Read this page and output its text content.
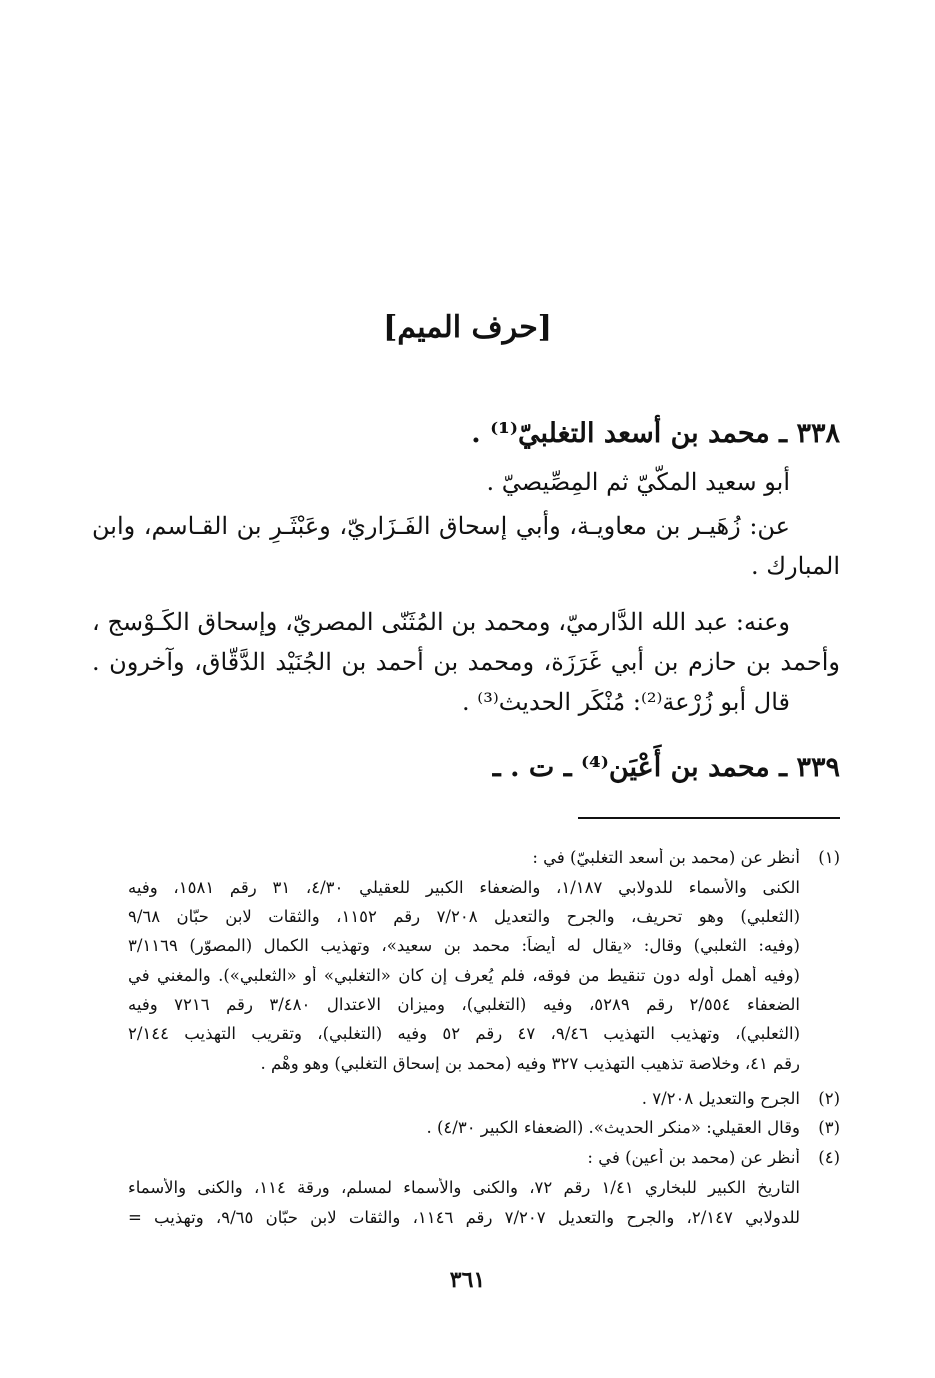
[حرف الميم]
٣٣٨ ـ محمد بن أسعد التغلبيّ⁽¹⁾ .
أبو سعيد المكّيّ ثم المِصِّيصيّ .
عن: زُهَيـر بن معاويـة، وأبي إسحاق الفَـزَاريّ، وعَبْثَـرِ بن القـاسم، وابن
المبارك .
وعنه: عبد الله الدَّارميّ، ومحمد بن المُثَنّى المصريّ، وإسحاق الكَـوْسج ،
وأحمد بن حازم بن أبي غَرَزَة، ومحمد بن أحمد بن الجُنَيْد الدَّقّاق، وآخرون .
قال أبو زُرْعة⁽²⁾: مُنْكَر الحديث⁽³⁾ .
٣٣٩ ـ محمد بن أَعْيَن⁽⁴⁾ ـ ت . ـ
(١)أنظر عن (محمد بن أسعد التغلبيّ) في :
الكنى والأسماء للدولابي ١/١٨٧، والضعفاء الكبير للعقيلي ٤/٣٠، ٣١ رقم ١٥٨١، وفيه
(الثعلبي) وهو تحريف، والجرح والتعديل ٧/٢٠٨ رقم ١١٥٢، والثقات لابن حبّان ٩/٦٨
(وفيه: الثعلبي) وقال: «يقال له أيضاً: محمد بن سعيد»، وتهذيب الكمال (المصوّر) ٣/١١٦٩
(وفيه أهمل أوله دون تنقيط من فوقه، فلم يُعرف إن كان «التغلبي» أو «الثعلبي»). والمغني في
الضعفاء ٢/٥٥٤ رقم ٥٢٨٩، وفيه (التغلبي)، وميزان الاعتدال ٣/٤٨٠ رقم ٧٢١٦ وفيه
(الثعلبي)، وتهذيب التهذيب ٩/٤٦، ٤٧ رقم ٥٢ وفيه (التغلبي)، وتقريب التهذيب ٢/١٤٤
رقم ٤١، وخلاصة تذهيب التهذيب ٣٢٧ وفيه (محمد بن إسحاق التغلبي) وهو وهْم .
(٢)الجرح والتعديل ٧/٢٠٨ .
(٣)وقال العقيلي: «منكر الحديث». (الضعفاء الكبير ٤/٣٠) .
(٤)أنظر عن (محمد بن أعين) في :
التاريخ الكبير للبخاري ١/٤١ رقم ٧٢، والكنى والأسماء لمسلم، ورقة ١١٤، والكنى والأسماء
للدولابي ٢/١٤٧، والجرح والتعديل ٧/٢٠٧ رقم ١١٤٦، والثقات لابن حبّان ٩/٦٥، وتهذيب =
٣٦١
